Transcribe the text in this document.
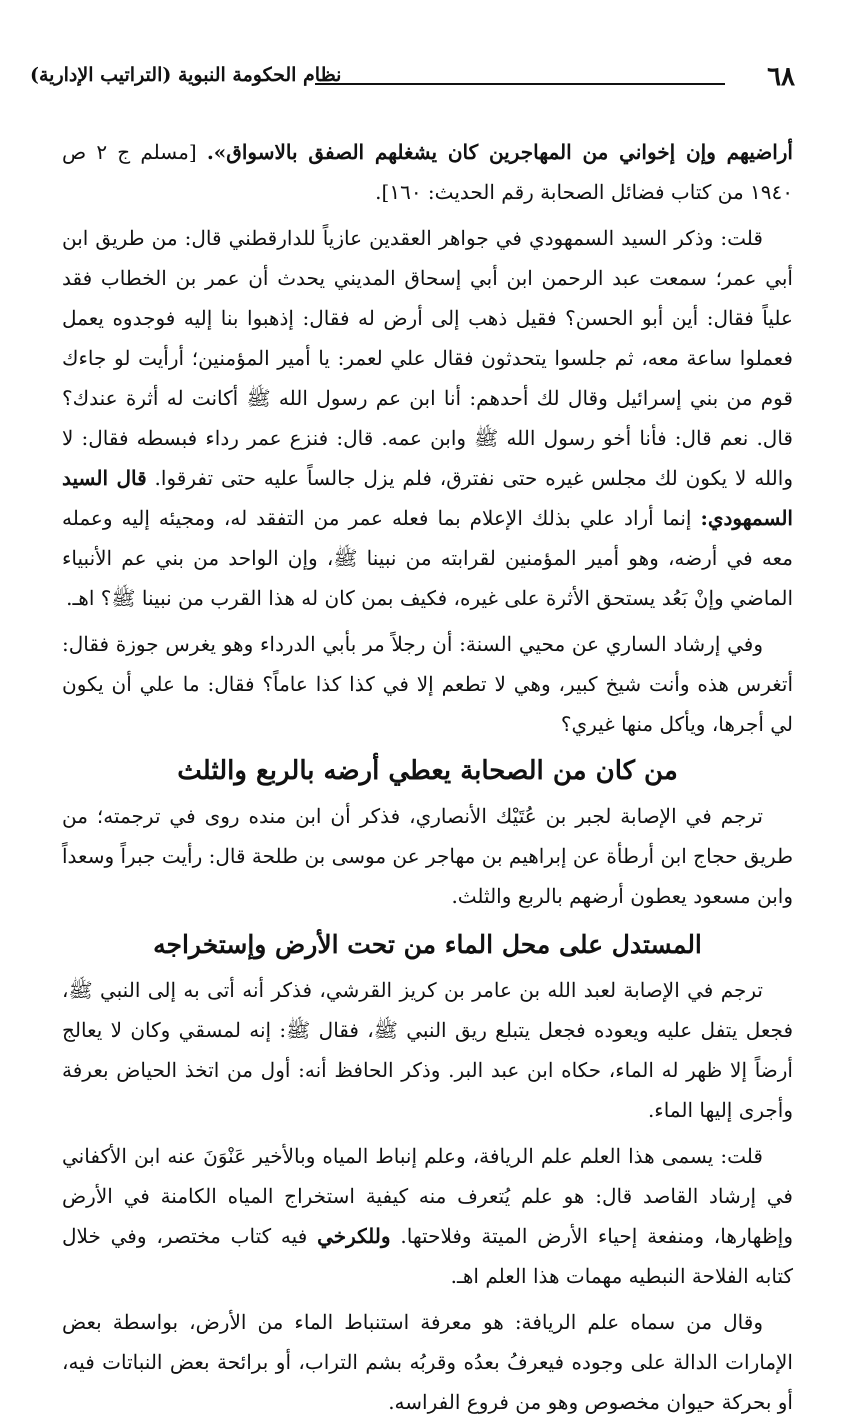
٦٨
نظام الحكومة النبوية (التراتيب الإدارية)

أراضيهم وإن إخواني من المهاجرين كان يشغلهم الصفق بالاسواق». [مسلم ج ٢ ص ١٩٤٠ من كتاب فضائل الصحابة رقم الحديث: ١٦٠].

قلت: وذكر السيد السمهودي في جواهر العقدين عازياً للدارقطني قال: من طريق ابن أبي عمر؛ سمعت عبد الرحمن ابن أبي إسحاق المديني يحدث أن عمر بن الخطاب فقد علياً فقال: أين أبو الحسن؟ فقيل ذهب إلى أرض له فقال: إذهبوا بنا إليه فوجدوه يعمل فعملوا ساعة معه، ثم جلسوا يتحدثون فقال علي لعمر: يا أمير المؤمنين؛ أرأيت لو جاءك قوم من بني إسرائيل وقال لك أحدهم: أنا ابن عم رسول الله ﷺ أكانت له أثرة عندك؟ قال. نعم قال: فأنا أخو رسول الله ﷺ وابن عمه. قال: فنزع عمر رداء فبسطه فقال: لا والله لا يكون لك مجلس غيره حتى نفترق، فلم يزل جالساً عليه حتى تفرقوا. قال السيد السمهودي: إنما أراد علي بذلك الإعلام بما فعله عمر من التفقد له، ومجيئه إليه وعمله معه في أرضه، وهو أمير المؤمنين لقرابته من نبينا ﷺ، وإن الواحد من بني عم الأنبياء الماضي وإنْ بَعُد يستحق الأثرة على غيره، فكيف بمن كان له هذا القرب من نبينا ﷺ؟ اهـ.

وفي إرشاد الساري عن محيي السنة: أن رجلاً مر بأبي الدرداء وهو يغرس جوزة فقال: أتغرس هذه وأنت شيخ كبير، وهي لا تطعم إلا في كذا كذا عاماً؟ فقال: ما علي أن يكون لي أجرها، ويأكل منها غيري؟

من كان من الصحابة يعطي أرضه بالربع والثلث

ترجم في الإصابة لجبر بن عُتَيْك الأنصاري، فذكر أن ابن منده روى في ترجمته؛ من طريق حجاج ابن أرطأة عن إبراهيم بن مهاجر عن موسى بن طلحة قال: رأيت جبراً وسعداً وابن مسعود يعطون أرضهم بالربع والثلث.

المستدل على محل الماء من تحت الأرض وإستخراجه

ترجم في الإصابة لعبد الله بن عامر بن كريز القرشي، فذكر أنه أتى به إلى النبي ﷺ، فجعل يتفل عليه ويعوده فجعل يتبلع ريق النبي ﷺ، فقال ﷺ: إنه لمسقي وكان لا يعالج أرضاً إلا ظهر له الماء، حكاه ابن عبد البر. وذكر الحافظ أنه: أول من اتخذ الحياض بعرفة وأجرى إليها الماء.

قلت: يسمى هذا العلم علم الريافة، وعلم إنباط المياه وبالأخير عَنْوَنَ عنه ابن الأكفاني في إرشاد القاصد قال: هو علم يُتعرف منه كيفية استخراج المياه الكامنة في الأرض وإظهارها، ومنفعة إحياء الأرض الميتة وفلاحتها. وللكرخي فيه كتاب مختصر، وفي خلال كتابه الفلاحة النبطيه مهمات هذا العلم اهـ.

وقال من سماه علم الريافة: هو معرفة استنباط الماء من الأرض، بواسطة بعض الإمارات الدالة على وجوده فيعرفُ بعدُه وقربُه بشم التراب، أو برائحة بعض النباتات فيه، أو بحركة حيوان مخصوص وهو من فروع الفراسه.
